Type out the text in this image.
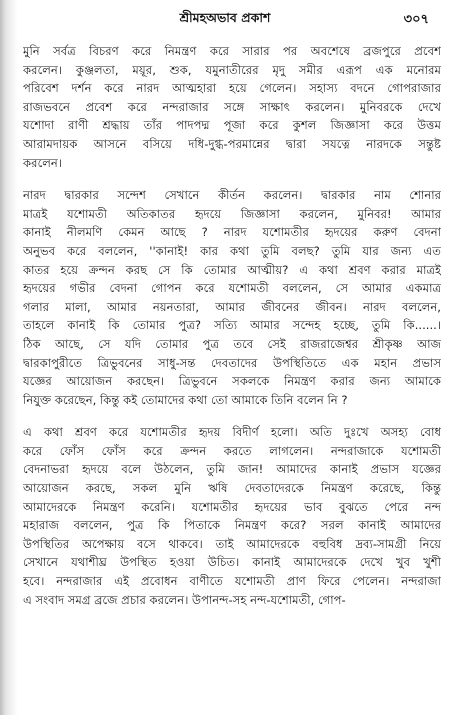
শ্রীমহঅভাব প্রকাশ	৩০৭
মুনি সর্বত্র বিচরণ করে নিমন্ত্রণ করে সারার পর অবশেষে ব্রজপুরে প্রবেশ
করলেন। কুঞ্জলতা, ময়ূর, শুক, যমুনাতীরের মৃদু সমীর এরূপ এক মনোরম
পরিবেশ দর্শন করে নারদ আত্মহারা হয়ে গেলেন। সহাস্য বদনে গোপরাজার
রাজভবনে প্রবেশ করে নন্দরাজার সঙ্গে সাক্ষাৎ করলেন। মুনিবরকে দেখে
যশোদা রাণী শ্রদ্ধায় তাঁর পাদপদ্ম পূজা করে কুশল জিজ্ঞাসা করে উত্তম
আরামদায়ক আসনে বসিয়ে দধি-দুগ্ধ-পরমান্নের দ্বারা সযত্নে নারদকে সন্তুষ্ট
করলেন।
নারদ দ্বারকার সন্দেশ সেখানে কীর্তন করলেন। দ্বারকার নাম শোনার
মাত্রই যশোমতী অতিকাতর হৃদয়ে জিজ্ঞাসা করলেন, মুনিবর! আমার
কানাই নীলমণি কেমন আছে ? নারদ যশোমতীর হৃদয়ের করুণ বেদনা
অনুভব করে বললেন, ''কানাই! কার কথা তুমি বলছ? তুমি যার জন্য এত
কাতর হয়ে ক্রন্দন করছ সে কি তোমার আত্মীয়? এ কথা শ্রবণ করার মাত্রই
হৃদয়ের গভীর বেদনা গোপন করে যশোমতী বললেন, সে আমার একমাত্র
গলার মালা, আমার নয়নতারা, আমার জীবনের জীবন। নারদ বললেন,
তাহলে কানাই কি তোমার পুত্র? সত্যি আমার সন্দেহ হচ্ছে, তুমি কি......।
ঠিক আছে, সে যদি তোমার পুত্র তবে সেই রাজরাজেশ্বর শ্রীকৃষ্ণ আজ
দ্বারকাপুরীতে ত্রিভুবনের সাধু-সন্ত দেবতাদের উপস্থিতিতে এক মহান প্রভাস
যজ্ঞের আয়োজন করছেন। ত্রিভুবনে সকলকে নিমন্ত্রণ করার জন্য আমাকে
নিযুক্ত করেছেন, কিন্তু কই তোমাদের কথা তো আমাকে তিনি বলেন নি ?
এ কথা শ্রবণ করে যশোমতীর হৃদয় বিদীর্ণ হলো। অতি দুঃখে অসহ্য বোধ
করে ফোঁস ফোঁস করে ক্রন্দন করতে লাগলেন। নন্দরাজাকে যশোমতী
বেদনাভরা হৃদয়ে বলে উঠলেন, তুমি জান! আমাদের কানাই প্রভাস যজ্ঞের
আয়োজন করছে, সকল মুনি ঋষি দেবতাদেরকে নিমন্ত্রণ করেছে, কিন্তু
আমাদেরকে নিমন্ত্রণ করেনি। যশোমতীর হৃদয়ের ভাব বুঝতে পেরে নন্দ
মহারাজ বললেন, পুত্র কি পিতাকে নিমন্ত্রণ করে? সরল কানাই আমাদের
উপস্থিতির অপেক্ষায় বসে থাকবে। তাই আমাদেরকে বহুবিধ দ্রব্য-সামগ্রী নিয়ে
সেখানে যথাশীঘ্র উপস্থিত হওয়া উচিত। কানাই আমাদেরকে দেখে খুব খুশী
হবে। নন্দরাজার এই প্রবোধন বাণীতে যশোমতী প্রাণ ফিরে পেলেন। নন্দরাজা
এ সংবাদ সমগ্র ব্রজে প্রচার করলেন। উপানন্দ-সহ নন্দ-যশোমতী, গোপ-
